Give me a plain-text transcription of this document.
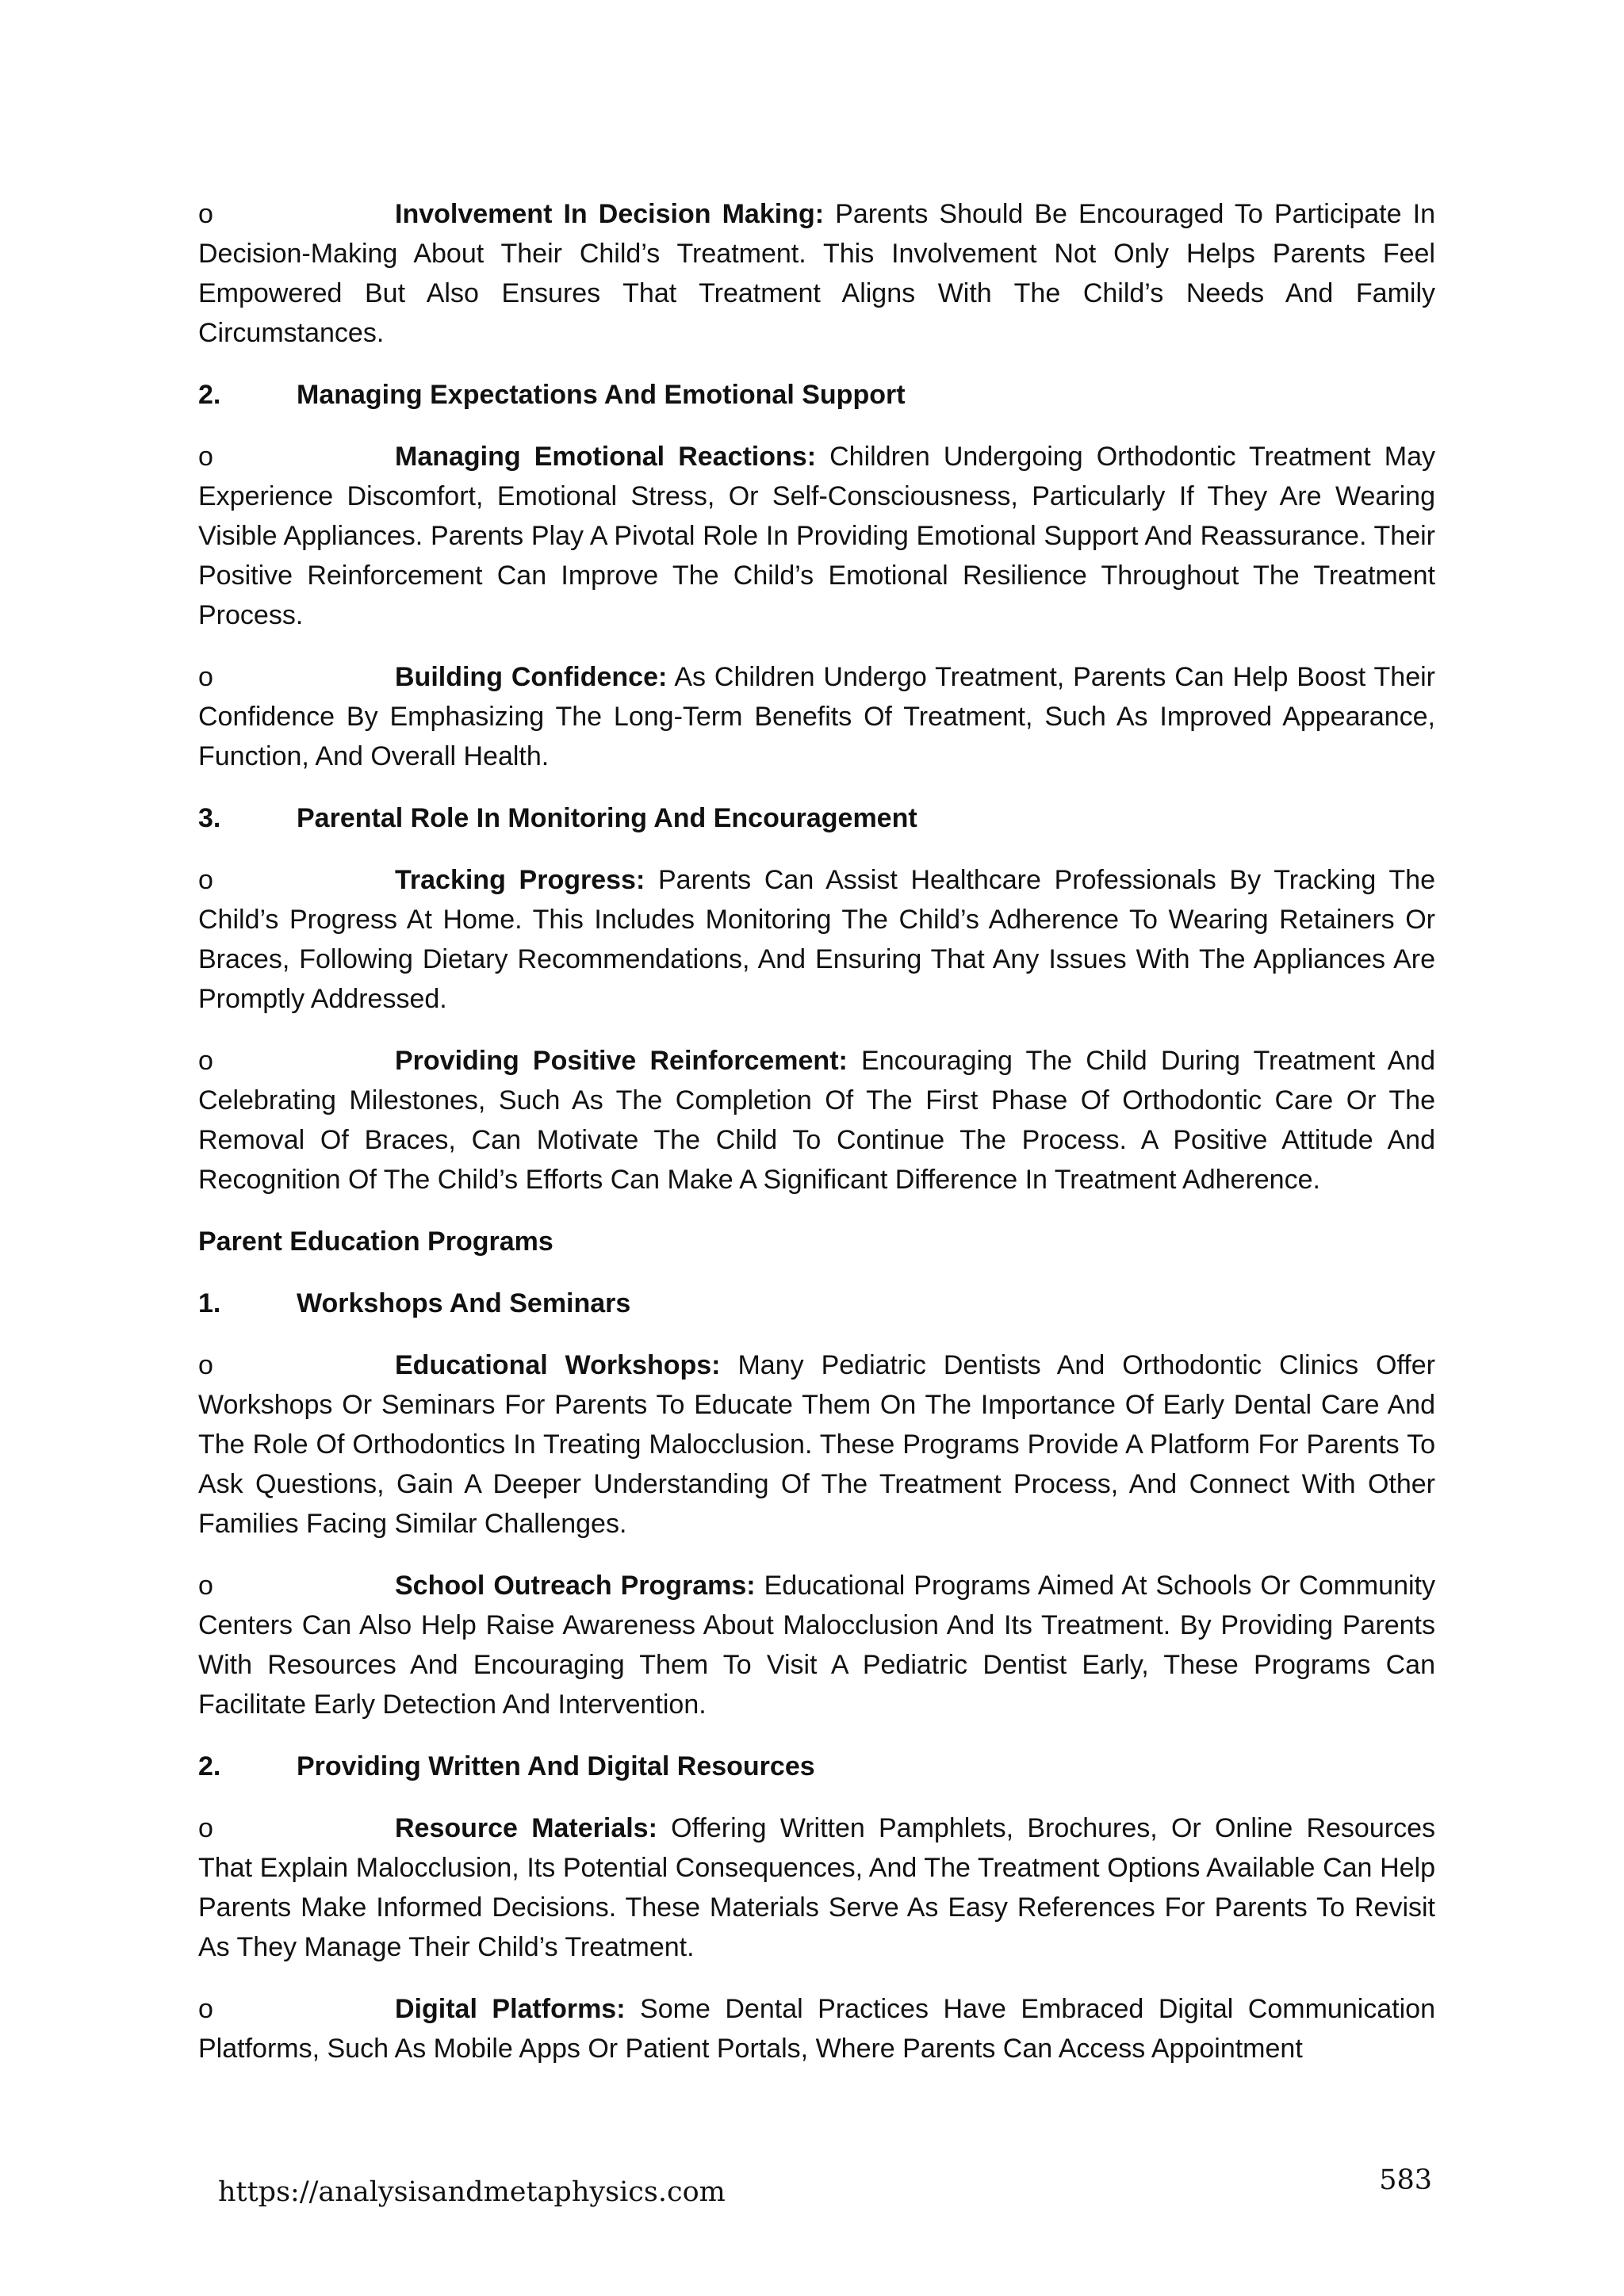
o	Involvement In Decision Making: Parents Should Be Encouraged To Participate In Decision-Making About Their Child’s Treatment. This Involvement Not Only Helps Parents Feel Empowered But Also Ensures That Treatment Aligns With The Child’s Needs And Family Circumstances.

2.	Managing Expectations And Emotional Support

o	Managing Emotional Reactions: Children Undergoing Orthodontic Treatment May Experience Discomfort, Emotional Stress, Or Self-Consciousness, Particularly If They Are Wearing Visible Appliances. Parents Play A Pivotal Role In Providing Emotional Support And Reassurance. Their Positive Reinforcement Can Improve The Child’s Emotional Resilience Throughout The Treatment Process.

o	Building Confidence: As Children Undergo Treatment, Parents Can Help Boost Their Confidence By Emphasizing The Long-Term Benefits Of Treatment, Such As Improved Appearance, Function, And Overall Health.

3.	Parental Role In Monitoring And Encouragement

o	Tracking Progress: Parents Can Assist Healthcare Professionals By Tracking The Child’s Progress At Home. This Includes Monitoring The Child’s Adherence To Wearing Retainers Or Braces, Following Dietary Recommendations, And Ensuring That Any Issues With The Appliances Are Promptly Addressed.

o	Providing Positive Reinforcement: Encouraging The Child During Treatment And Celebrating Milestones, Such As The Completion Of The First Phase Of Orthodontic Care Or The Removal Of Braces, Can Motivate The Child To Continue The Process. A Positive Attitude And Recognition Of The Child’s Efforts Can Make A Significant Difference In Treatment Adherence.

Parent Education Programs

1.	Workshops And Seminars

o	Educational Workshops: Many Pediatric Dentists And Orthodontic Clinics Offer Workshops Or Seminars For Parents To Educate Them On The Importance Of Early Dental Care And The Role Of Orthodontics In Treating Malocclusion. These Programs Provide A Platform For Parents To Ask Questions, Gain A Deeper Understanding Of The Treatment Process, And Connect With Other Families Facing Similar Challenges.

o	School Outreach Programs: Educational Programs Aimed At Schools Or Community Centers Can Also Help Raise Awareness About Malocclusion And Its Treatment. By Providing Parents With Resources And Encouraging Them To Visit A Pediatric Dentist Early, These Programs Can Facilitate Early Detection And Intervention.

2.	Providing Written And Digital Resources

o	Resource Materials: Offering Written Pamphlets, Brochures, Or Online Resources That Explain Malocclusion, Its Potential Consequences, And The Treatment Options Available Can Help Parents Make Informed Decisions. These Materials Serve As Easy References For Parents To Revisit As They Manage Their Child’s Treatment.

o	Digital Platforms: Some Dental Practices Have Embraced Digital Communication Platforms, Such As Mobile Apps Or Patient Portals, Where Parents Can Access Appointment

https://analysisandmetaphysics.com	583
